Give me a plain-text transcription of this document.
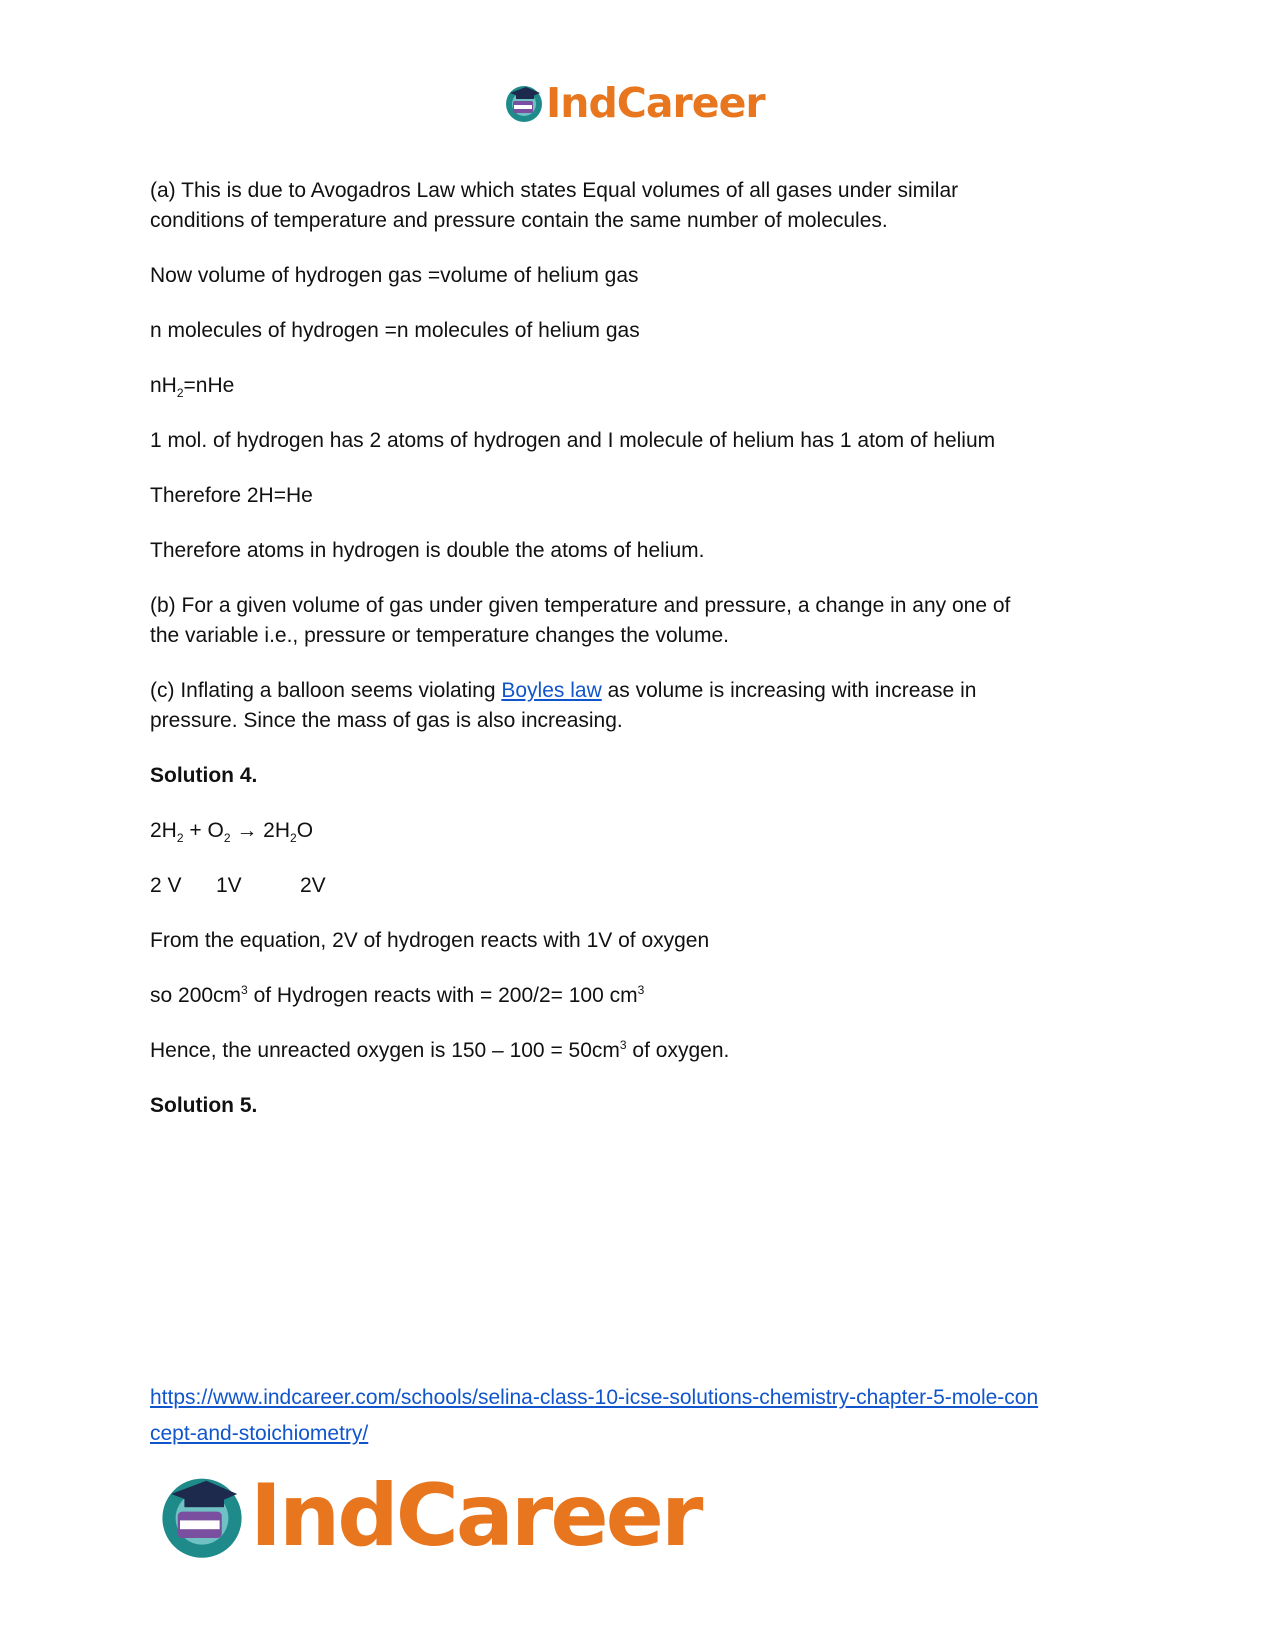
IndCareer

(a) This is due to Avogadros Law which states Equal volumes of all gases under similar
conditions of temperature and pressure contain the same number of molecules.

Now volume of hydrogen gas =volume of helium gas

n molecules of hydrogen =n molecules of helium gas

$nH_2=nHe$

1 mol. of hydrogen has 2 atoms of hydrogen and I molecule of helium has 1 atom of helium

Therefore 2H=He

Therefore atoms in hydrogen is double the atoms of helium.

(b) For a given volume of gas under given temperature and pressure, a change in any one of
the variable i.e., pressure or temperature changes the volume.

(c) Inflating a balloon seems violating Boyles law as volume is increasing with increase in
pressure. Since the mass of gas is also increasing.

Solution 4.

$2H_2 + O_2 \to 2H_2O$

2 V 1V	2V

From the equation, 2V of hydrogen reacts with 1V of oxygen

so $200cm^3$ of Hydrogen reacts with = 200/2= 100 $cm^3$

Hence, the unreacted oxygen is $150 - 100 = 50cm^3$ of oxygen.

Solution 5.

https://www.indcareer.com/schools/selina-class-10-icse-solutions-chemistry-chapter-5-mole-con
cept-and-stoichiometry/
IndCareer
